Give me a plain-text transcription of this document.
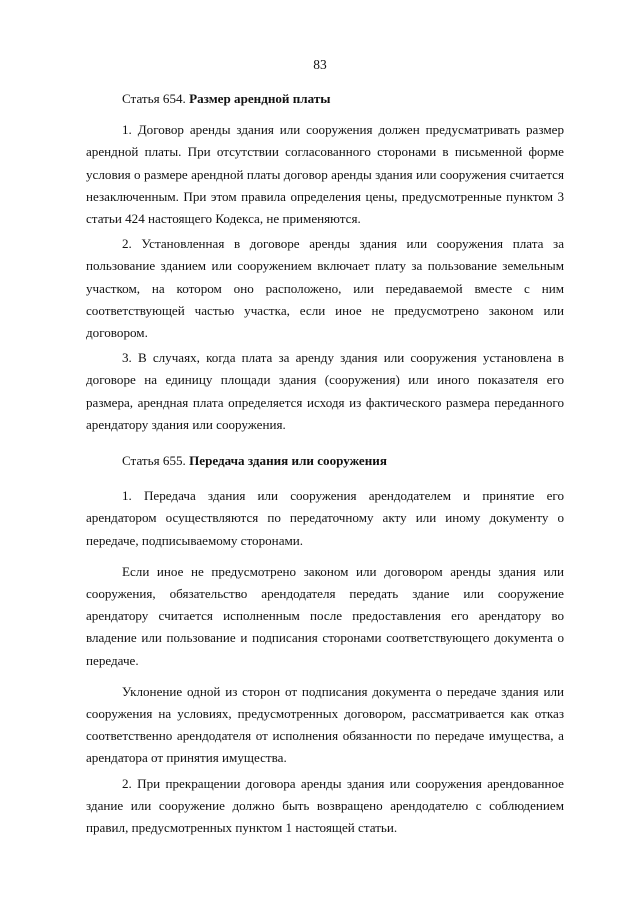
83

Статья 654. Размер арендной платы

1. Договор аренды здания или сооружения должен предусматривать размер арендной платы. При отсутствии согласованного сторонами в письменной форме условия о размере арендной платы договор аренды здания или сооружения считается незаключенным. При этом правила определения цены, предусмотренные пунктом 3 статьи 424 настоящего Кодекса, не применяются.

2. Установленная в договоре аренды здания или сооружения плата за пользование зданием или сооружением включает плату за пользование земельным участком, на котором оно расположено, или передаваемой вместе с ним соответствующей частью участка, если иное не предусмотрено законом или договором.

3. В случаях, когда плата за аренду здания или сооружения установлена в договоре на единицу площади здания (сооружения) или иного показателя его размера, арендная плата определяется исходя из фактического размера переданного арендатору здания или сооружения.

Статья 655. Передача здания или сооружения

1. Передача здания или сооружения арендодателем и принятие его арендатором осуществляются по передаточному акту или иному документу о передаче, подписываемому сторонами.

Если иное не предусмотрено законом или договором аренды здания или сооружения, обязательство арендодателя передать здание или сооружение арендатору считается исполненным после предоставления его арендатору во владение или пользование и подписания сторонами соответствующего документа о передаче.

Уклонение одной из сторон от подписания документа о передаче здания или сооружения на условиях, предусмотренных договором, рассматривается как отказ соответственно арендодателя от исполнения обязанности по передаче имущества, а арендатора от принятия имущества.

2. При прекращении договора аренды здания или сооружения арендованное здание или сооружение должно быть возвращено арендодателю с соблюдением правил, предусмотренных пунктом 1 настоящей статьи.
